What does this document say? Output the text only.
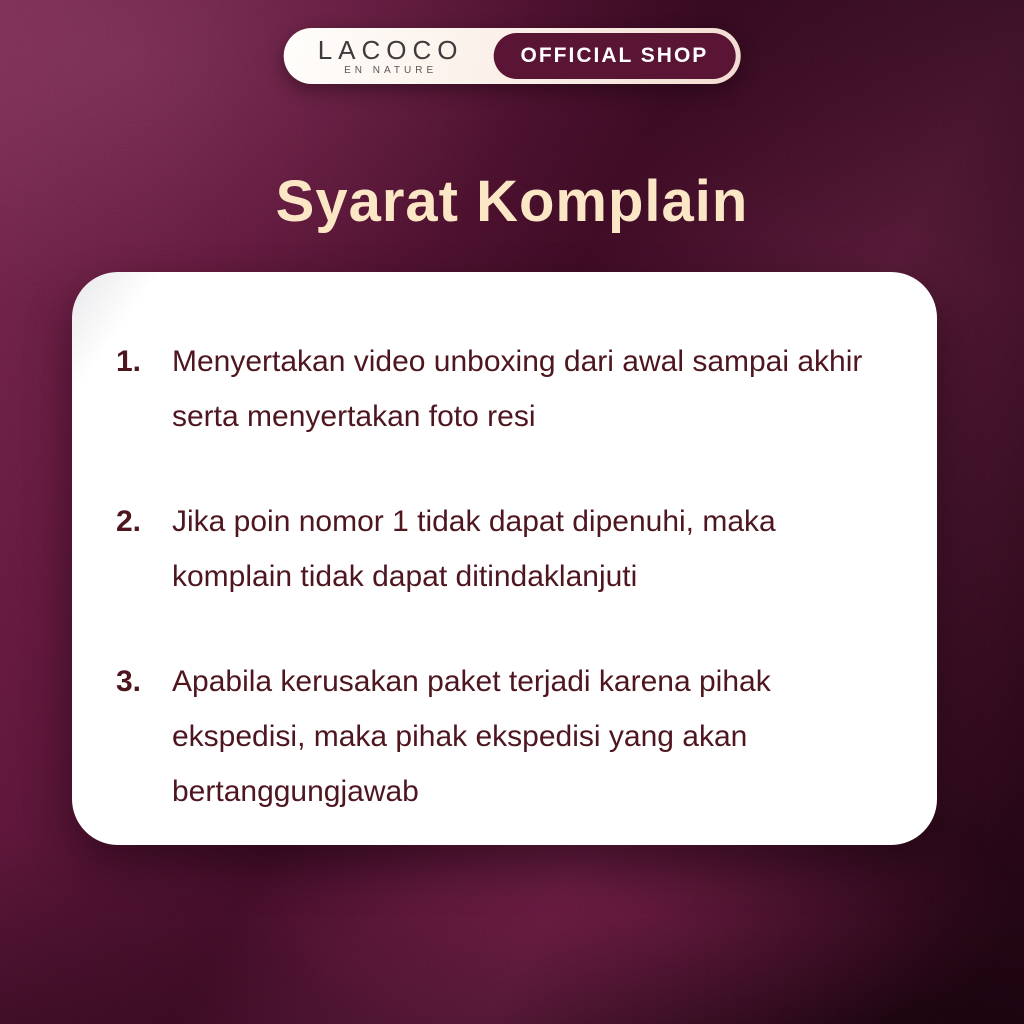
LACOCO
EN NATURE
OFFICIAL SHOP
Syarat Komplain
1.	Menyertakan video unboxing dari awal sampai akhir serta menyertakan foto resi
2.	Jika poin nomor 1 tidak dapat dipenuhi, maka komplain tidak dapat ditindaklanjuti
3.	Apabila kerusakan paket terjadi karena pihak ekspedisi, maka pihak ekspedisi yang akan bertanggungjawab
